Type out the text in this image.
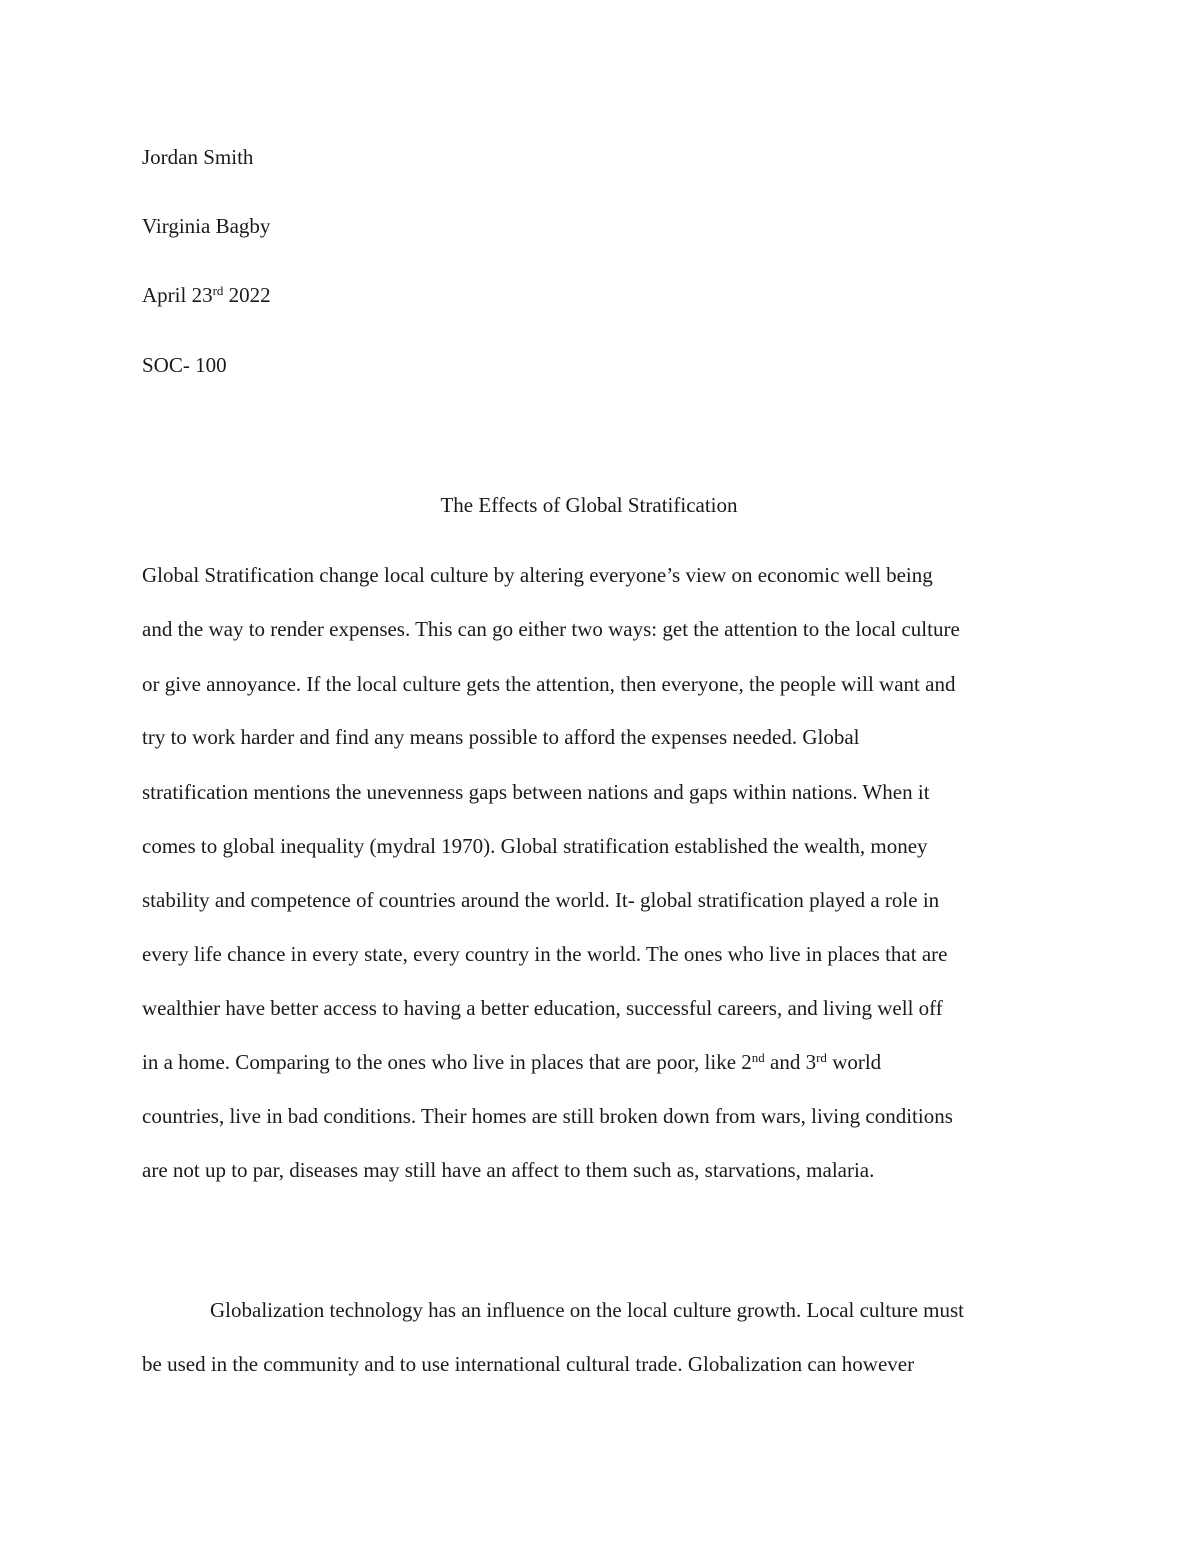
Jordan Smith
Virginia Bagby
April 23rd 2022
SOC- 100
The Effects of Global Stratification
Global Stratification change local culture by altering everyone’s view on economic well being
and the way to render expenses. This can go either two ways: get the attention to the local culture
or give annoyance. If the local culture gets the attention, then everyone, the people will want and
try to work harder and find any means possible to afford the expenses needed. Global
stratification mentions the unevenness gaps between nations and gaps within nations. When it
comes to global inequality (mydral 1970). Global stratification established the wealth, money
stability and competence of countries around the world. It- global stratification played a role in
every life chance in every state, every country in the world. The ones who live in places that are
wealthier have better access to having a better education, successful careers, and living well off
in a home. Comparing to the ones who live in places that are poor, like 2nd and 3rd world
countries, live in bad conditions. Their homes are still broken down from wars, living conditions
are not up to par, diseases may still have an affect to them such as, starvations, malaria.
Globalization technology has an influence on the local culture growth. Local culture must
be used in the community and to use international cultural trade. Globalization can however
